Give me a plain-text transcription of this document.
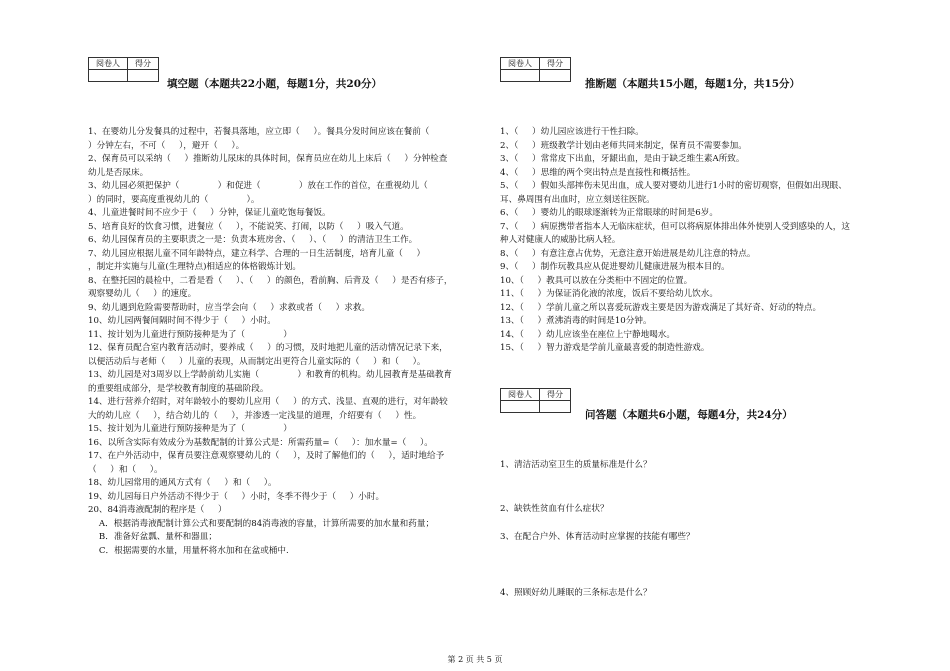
阅卷人	得分

填空题（本题共22小题，每题1分，共20分）
1、在婴幼儿分发餐具的过程中，若餐具落地，应立即（     ）。餐具分发时间应该在餐前（
）分钟左右，不可（     ），避开（     ）。
2、保育员可以采纳（     ）推断幼儿尿床的具体时间，保育员应在幼儿上床后（     ）分钟检查
幼儿是否尿床。
3、幼儿园必须把保护（              ）和促进（              ）放在工作的首位，在重视幼儿（
）的同时，要高度重视幼儿的（              ）。
4、儿童进餐时间不应少于（     ）分钟，保证儿童吃饱每餐饭。
5、培育良好的饮食习惯，进餐应（     ），不能说笑、打闹，以防（     ）吸入气道。
6、幼儿园保育员的主要职责之一是：负责本班房舍、（     ）、（     ）的清洁卫生工作。
7、幼儿园应根据儿童不同年龄特点，建立科学、合理的一日生活制度，培育儿童（     ）
，制定并实施与儿童(生理特点)相适应的体格锻炼计划。
8、在整托园的晨检中，二看是看（     ）、（     ）的颜色，看前胸、后背及（     ）是否有疹子，
观察婴幼儿（     ）的速度。
9、幼儿遇到危险需要帮助时，应当学会向（     ）求救或者（     ）求救。
10、幼儿园两餐间隔时间不得少于（     ）小时。
11、按计划为儿童进行预防接种是为了（              ）
12、保育员配合室内教育活动时，要养成（     ）的习惯，及时地把儿童的活动情况记录下来，
以便活动后与老师（     ）儿童的表现，从而制定出更符合儿童实际的（     ）和（     ）。
13、幼儿园是对3周岁以上学龄前幼儿实施（              ）和教育的机构。幼儿园教育是基础教育
的重要组成部分，是学校教育制度的基础阶段。
14、进行营养介绍时，对年龄较小的婴幼儿应用（     ）的方式、浅显、直观的进行，对年龄较
大的幼儿应（     ），结合幼儿的（     ），并渗透一定浅显的道理，介绍要有（     ）性。
15、按计划为儿童进行预防接种是为了（              ）
16、以所含实际有效成分为基数配制的计算公式是：所需药量=（     ）：加水量=（     ）。
17、在户外活动中，保育员要注意观察婴幼儿的（     ），及时了解他们的（     ），适时地给予
（     ）和（     ）。
18、幼儿园常用的通风方式有（     ）和（     ）。
19、幼儿园每日户外活动不得少于（     ）小时，冬季不得少于（     ）小时。
20、84消毒液配制的程序是（     ）
A．根据消毒液配制计算公式和要配制的84消毒液的容量，计算所需要的加水量和药量；
B．准备好盆瓢、量杯和器皿；
C．根据需要的水量，用量杯将水加和在盆或桶中.
阅卷人	得分

推断题（本题共15小题，每题1分，共15分）
1、（     ）幼儿园应该进行干性扫除。
2、（     ）班级教学计划由老师共同来制定，保育员不需要参加。
3、（     ）常常皮下出血，牙龈出血，是由于缺乏维生素A所致。
4、（     ）思维的两个突出特点是直接性和概括性。
5、（     ）假如头部摔伤未见出血，成人要对婴幼儿进行1小时的密切观察，但假如出现眼、
耳、鼻周围有出血时，应立刻送往医院。
6、（     ）婴幼儿的眼球逐渐转为正常眼球的时间是6岁。
7、（     ）病原携带者指本人无临床症状，但可以将病原体排出体外使别人受到感染的人，这
种人对健康人的威胁比病人轻。
8、（     ）有意注意占优势，无意注意开始进展是幼儿注意的特点。
9、（     ）制作玩教具应从促进婴幼儿健康进展为根本目的。
10、（     ）教具可以放在分类柜中不固定的位置。
11、（     ）为保证消化液的浓度，饭后不要给幼儿饮水。
12、（     ）学前儿童之所以喜爱玩游戏主要是因为游戏满足了其好奇、好动的特点。
13、（     ）煮沸消毒的时间是10分钟。
14、（     ）幼儿应该坐在座位上宁静地喝水。
15、（     ）智力游戏是学前儿童最喜爱的制造性游戏。
阅卷人	得分

问答题（本题共6小题，每题4分，共24分）
1、清洁活动室卫生的质量标准是什么？
2、缺铁性贫血有什么症状？
3、在配合户外、体育活动时应掌握的技能有哪些？
4、照顾好幼儿睡眠的三条标志是什么？
第 2 页 共 5 页
